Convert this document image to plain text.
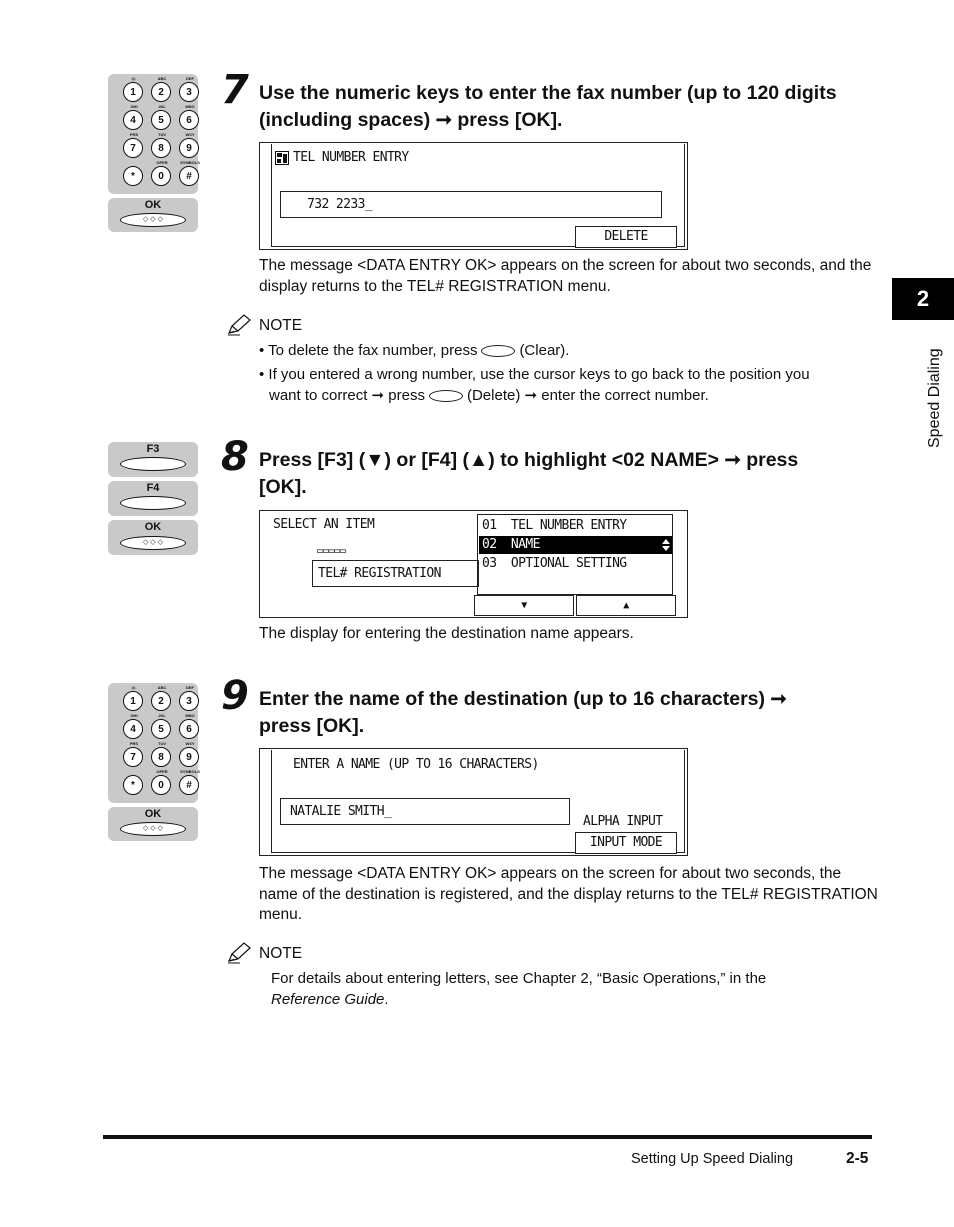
2
Speed Dialing
@.
1
ABC
2
DEF
3
GHI
4
JKL
5
MNO
6
PRS
7
TUV
8
WXY
9
*
OPER
0
SYMBOLS
#
OK
◇ ◇ ◇
7 Use the numeric keys to enter the fax number (up to 120 digits
(including spaces) ➞ press [OK].
TEL NUMBER ENTRY
732 2233_
DELETE
The message <DATA ENTRY OK> appears on the screen for about two seconds, and the display returns to the TEL# REGISTRATION menu.
NOTE
• To delete the fax number, press	(Clear).
• If you entered a wrong number, use the cursor keys to go back to the position you
want to correct ➞ press	(Delete) ➞ enter the correct number.
F3
F4
OK
◇ ◇ ◇
8 Press [F3] (▼) or [F4] (▲) to highlight <02 NAME> ➞ press
[OK].
SELECT AN ITEM
▭▭▭▭▭
TEL# REGISTRATION
01  TEL NUMBER ENTRY
02  NAME
03  OPTIONAL SETTING
▼	▲
The display for entering the destination name appears.
@.
1
ABC
2
DEF
3
GHI
4
JKL
5
MNO
6
PRS
7
TUV
8
WXY
9
*
OPER
0
SYMBOLS
#
OK
◇ ◇ ◇
9 Enter the name of the destination (up to 16 characters) ➞
press [OK].
ENTER A NAME (UP TO 16 CHARACTERS)
NATALIE SMITH_
ALPHA INPUT
INPUT MODE
The message <DATA ENTRY OK> appears on the screen for about two seconds, the name of the destination is registered, and the display returns to the TEL# REGISTRATION menu.
NOTE
For details about entering letters, see Chapter 2, “Basic Operations,” in the
Reference Guide.
Setting Up Speed Dialing	2-5
